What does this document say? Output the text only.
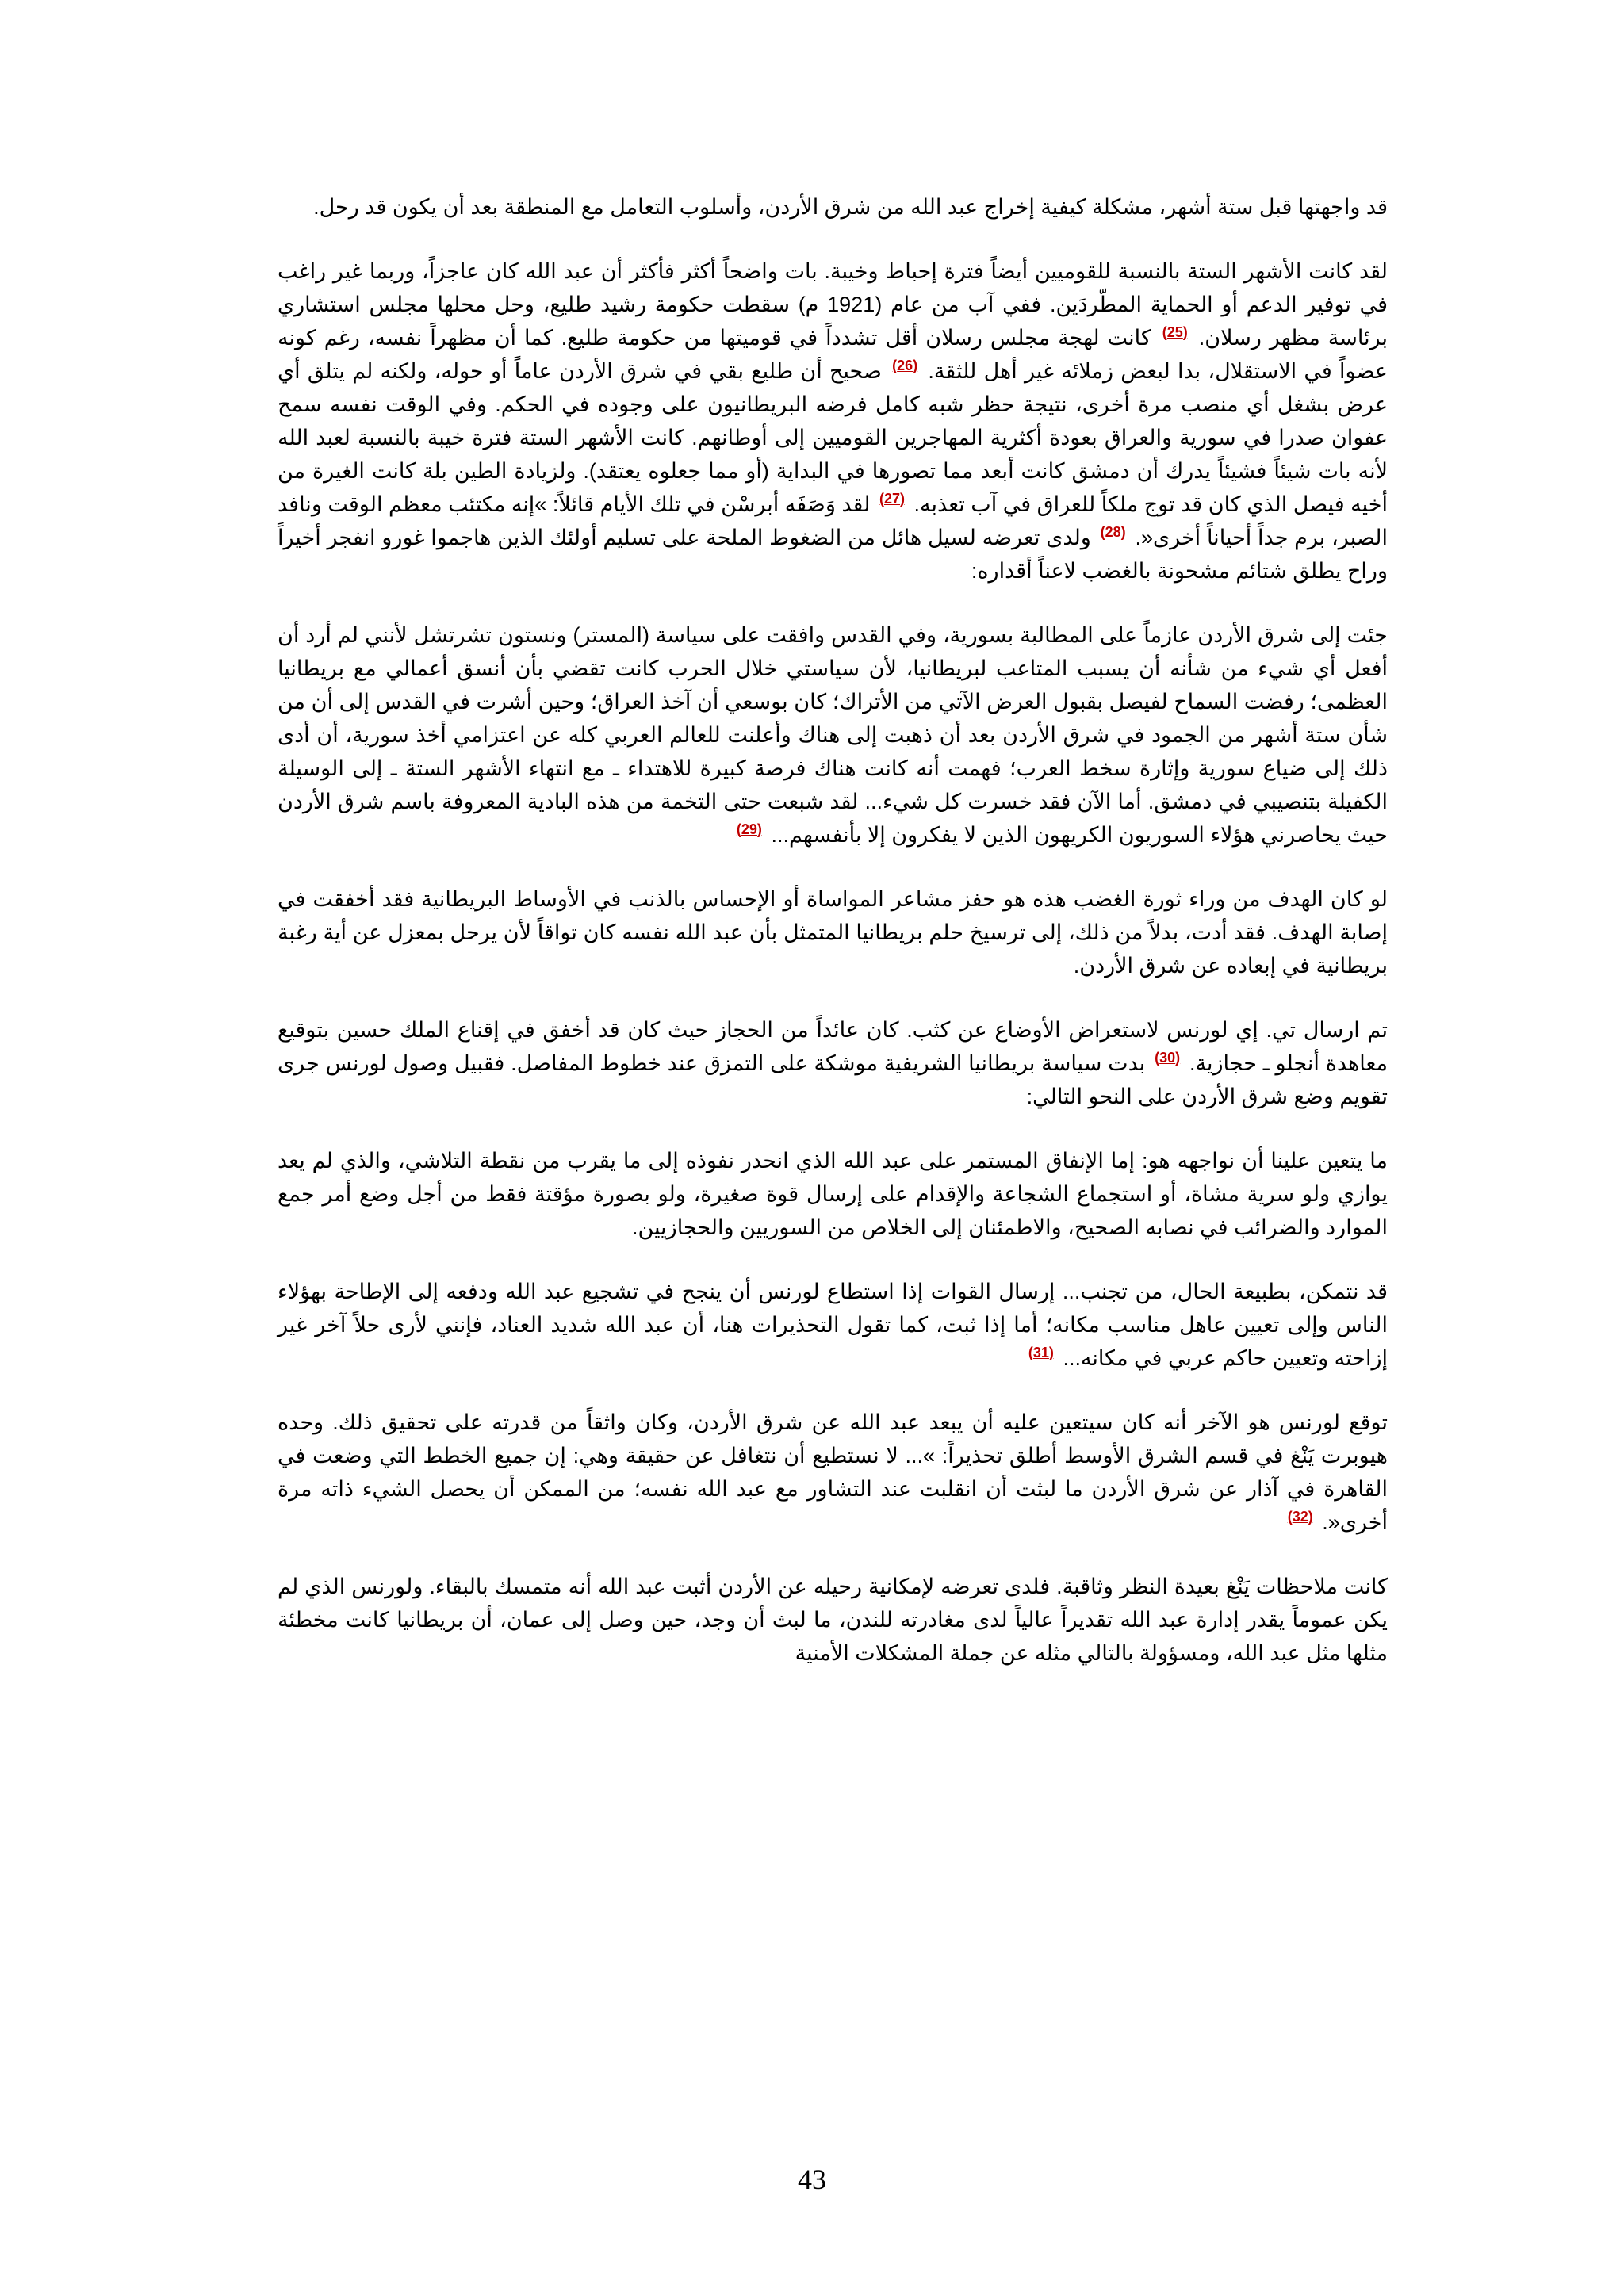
قد واجهتها قبل ستة أشهر، مشكلة كيفية إخراج عبد الله من شرق الأردن، وأسلوب التعامل مع المنطقة بعد أن يكون قد رحل.

لقد كانت الأشهر الستة بالنسبة للقوميين أيضاً فترة إحباط وخيبة. بات واضحاً أكثر فأكثر أن عبد الله كان عاجزاً، وربما غير راغب في توفير الدعم أو الحماية المطّردَين. ففي آب من عام (1921 م) سقطت حكومة رشيد طليع، وحل محلها مجلس استشاري برئاسة مظهر رسلان. $^{(25)}$ كانت لهجة مجلس رسلان أقل تشدداً في قوميتها من حكومة طليع. كما أن مظهراً نفسه، رغم كونه عضواً في الاستقلال، بدا لبعض زملائه غير أهل للثقة. $^{(26)}$ صحيح أن طليع بقي في شرق الأردن عاماً أو حوله، ولكنه لم يتلق أي عرض بشغل أي منصب مرة أخرى، نتيجة حظر شبه كامل فرضه البريطانيون على وجوده في الحكم. وفي الوقت نفسه سمح عفوان صدرا في سورية والعراق بعودة أكثرية المهاجرين القوميين إلى أوطانهم. كانت الأشهر الستة فترة خيبة بالنسبة لعبد الله لأنه بات شيئاً فشيئاً يدرك أن دمشق كانت أبعد مما تصورها في البداية (أو مما جعلوه يعتقد). ولزيادة الطين بلة كانت الغيرة من أخيه فيصل الذي كان قد توج ملكاً للعراق في آب تعذبه. $^{(27)}$ لقد وَصَفَه أبرسْن في تلك الأيام قائلاً: »إنه مكتئب معظم الوقت ونافد الصبر، برم جداً أحياناً أخرى«. $^{(28)}$ ولدى تعرضه لسيل هائل من الضغوط الملحة على تسليم أولئك الذين هاجموا غورو انفجر أخيراً وراح يطلق شتائم مشحونة بالغضب لاعناً أقداره:

جئت إلى شرق الأردن عازماً على المطالبة بسورية، وفي القدس وافقت على سياسة (المستر) ونستون تشرتشل لأنني لم أرد أن أفعل أي شيء من شأنه أن يسبب المتاعب لبريطانيا، لأن سياستي خلال الحرب كانت تقضي بأن أنسق أعمالي مع بريطانيا العظمى؛ رفضت السماح لفيصل بقبول العرض الآتي من الأتراك؛ كان بوسعي أن آخذ العراق؛ وحين أشرت في القدس إلى أن من شأن ستة أشهر من الجمود في شرق الأردن بعد أن ذهبت إلى هناك وأعلنت للعالم العربي كله عن اعتزامي أخذ سورية، أن أدى ذلك إلى ضياع سورية وإثارة سخط العرب؛ فهمت أنه كانت هناك فرصة كبيرة للاهتداء ـ مع انتهاء الأشهر الستة ـ إلى الوسيلة الكفيلة بتنصيبي في دمشق. أما الآن فقد خسرت كل شيء... لقد شبعت حتى التخمة من هذه البادية المعروفة باسم شرق الأردن حيث يحاصرني هؤلاء السوريون الكريهون الذين لا يفكرون إلا بأنفسهم... $^{(29)}$

لو كان الهدف من وراء ثورة الغضب هذه هو حفز مشاعر المواساة أو الإحساس بالذنب في الأوساط البريطانية فقد أخفقت في إصابة الهدف. فقد أدت، بدلاً من ذلك، إلى ترسيخ حلم بريطانيا المتمثل بأن عبد الله نفسه كان تواقاً لأن يرحل بمعزل عن أية رغبة بريطانية في إبعاده عن شرق الأردن.

تم ارسال تي. إي لورنس لاستعراض الأوضاع عن كثب. كان عائداً من الحجاز حيث كان قد أخفق في إقناع الملك حسين بتوقيع معاهدة أنجلو ـ حجازية. $^{(30)}$ بدت سياسة بريطانيا الشريفية موشكة على التمزق عند خطوط المفاصل. فقبيل وصول لورنس جرى تقويم وضع شرق الأردن على النحو التالي:

ما يتعين علينا أن نواجهه هو: إما الإنفاق المستمر على عبد الله الذي انحدر نفوذه إلى ما يقرب من نقطة التلاشي، والذي لم يعد يوازي ولو سرية مشاة، أو استجماع الشجاعة والإقدام على إرسال قوة صغيرة، ولو بصورة مؤقتة فقط من أجل وضع أمر جمع الموارد والضرائب في نصابه الصحيح، والاطمئنان إلى الخلاص من السوريين والحجازيين.

قد نتمكن، بطبيعة الحال، من تجنب... إرسال القوات إذا استطاع لورنس أن ينجح في تشجيع عبد الله ودفعه إلى الإطاحة بهؤلاء الناس وإلى تعيين عاهل مناسب مكانه؛ أما إذا ثبت، كما تقول التحذيرات هنا، أن عبد الله شديد العناد، فإنني لأرى حلاً آخر غير إزاحته وتعيين حاكم عربي في مكانه... $^{(31)}$

توقع لورنس هو الآخر أنه كان سيتعين عليه أن يبعد عبد الله عن شرق الأردن، وكان واثقاً من قدرته على تحقيق ذلك. وحده هيوبرت يَنْغ في قسم الشرق الأوسط أطلق تحذيراً: »... لا نستطيع أن نتغافل عن حقيقة وهي: إن جميع الخطط التي وضعت في القاهرة في آذار عن شرق الأردن ما لبثت أن انقلبت عند التشاور مع عبد الله نفسه؛ من الممكن أن يحصل الشيء ذاته مرة أخرى«. $^{(32)}$

كانت ملاحظات يَنْغ بعيدة النظر وثاقبة. فلدى تعرضه لإمكانية رحيله عن الأردن أثبت عبد الله أنه متمسك بالبقاء. ولورنس الذي لم يكن عموماً يقدر إدارة عبد الله تقديراً عالياً لدى مغادرته للندن، ما لبث أن وجد، حين وصل إلى عمان، أن بريطانيا كانت مخطئة مثلها مثل عبد الله، ومسؤولة بالتالي مثله عن جملة المشكلات الأمنية

43
